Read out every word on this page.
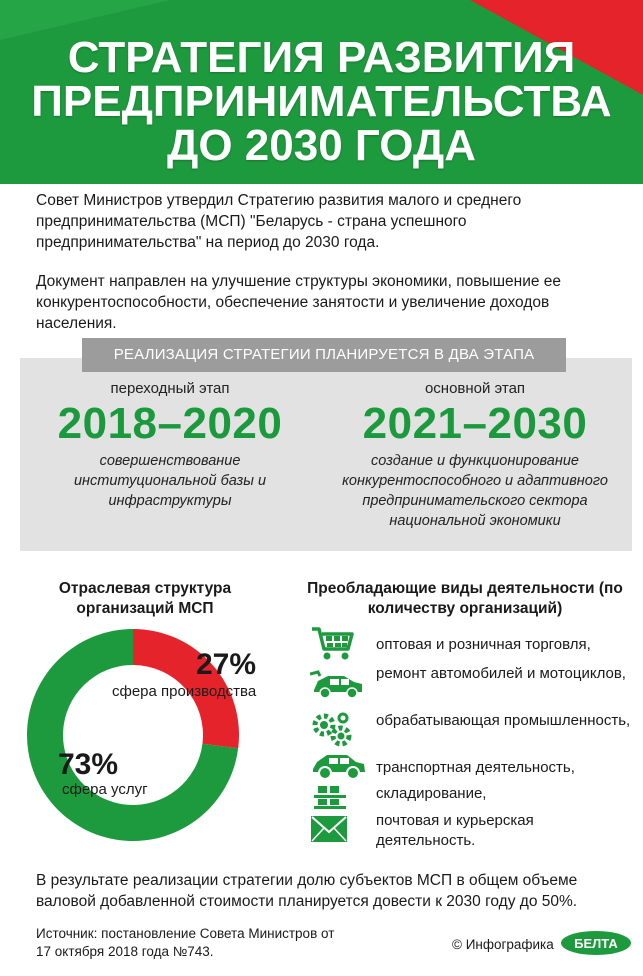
СТРАТЕГИЯ РАЗВИТИЯ
ПРЕДПРИНИМАТЕЛЬСТВА
ДО 2030 ГОДА

Совет Министров утвердил Стратегию развития малого и среднего предпринимательства (МСП) "Беларусь - страна успешного предпринимательства" на период до 2030 года.

Документ направлен на улучшение структуры экономики, повышение ее конкурентоспособности, обеспечение занятости и увеличение доходов населения.

РЕАЛИЗАЦИЯ СТРАТЕГИИ ПЛАНИРУЕТСЯ В ДВА ЭТАПА
переходный этап
2018–2020
совершенствование институциональной базы и инфраструктуры
основной этап
2021–2030
создание и функционирование конкурентоспособного и адаптивного предпринимательского сектора национальной экономики
Отраслевая структура организаций МСП
27%
сфера производства
73%
сфера услуг
Преобладающие виды деятельности (по количеству организаций)
оптовая и розничная торговля,
ремонт автомобилей и мотоциклов,
обрабатывающая промышленность,
транспортная деятельность,
складирование,
почтовая и курьерская деятельность.

В результате реализации стратегии долю субъектов МСП в общем объеме валовой добавленной стоимости планируется довести к 2030 году до 50%.

Источник: постановление Совета Министров от 17 октября 2018 года №743.	© Инфографика БЕЛТА
